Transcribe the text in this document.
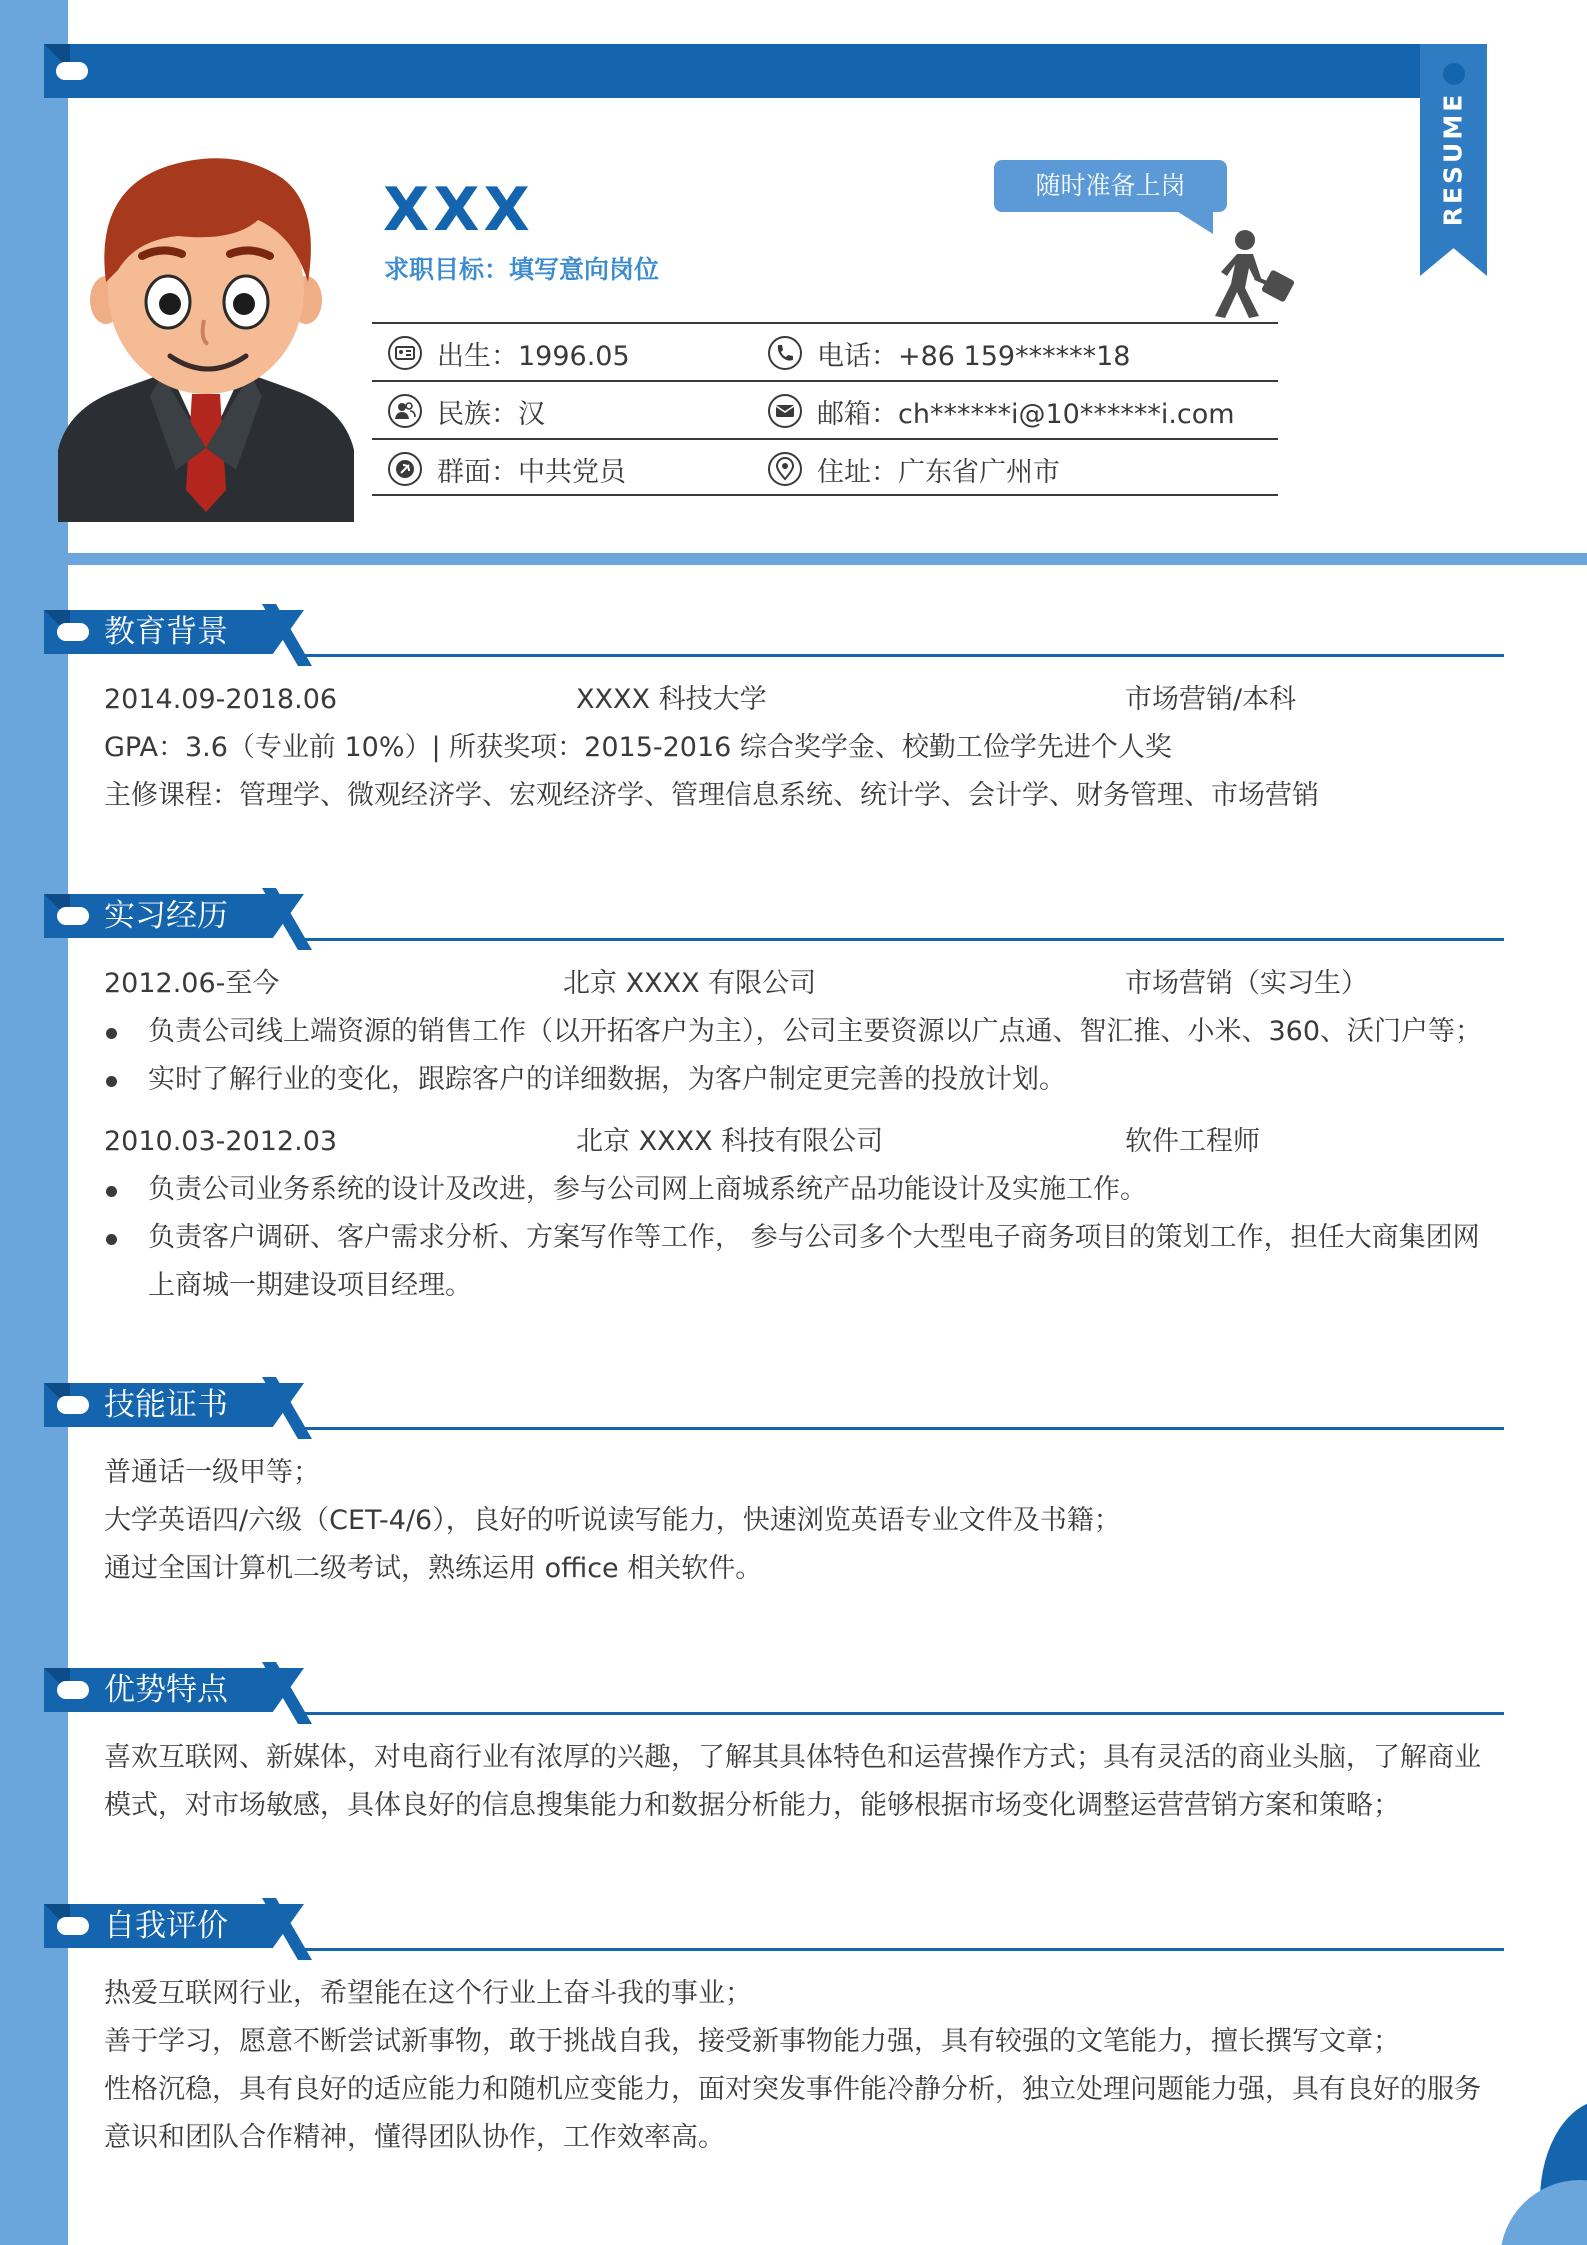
RESUME
XXX
求职目标：填写意向岗位
随时准备上岗
出生：1996.05	电话：+86 159******18
民族：汉	邮箱：ch******i@10******i.com
群面：中共党员	住址：广东省广州市
教育背景
2014.09-2018.06	XXXX 科技大学	市场营销/本科
GPA：3.6（专业前 10%）| 所获奖项：2015-2016 综合奖学金、校勤工俭学先进个人奖
主修课程：管理学、微观经济学、宏观经济学、管理信息系统、统计学、会计学、财务管理、市场营销
实习经历
2012.06-至今	北京 XXXX 有限公司	市场营销（实习生）
负责公司线上端资源的销售工作（以开拓客户为主），公司主要资源以广点通、智汇推、小米、360、沃门户等；
实时了解行业的变化，跟踪客户的详细数据，为客户制定更完善的投放计划。
2010.03-2012.03	北京 XXXX 科技有限公司	软件工程师
负责公司业务系统的设计及改进，参与公司网上商城系统产品功能设计及实施工作。
负责客户调研、客户需求分析、方案写作等工作， 参与公司多个大型电子商务项目的策划工作，担任大商集团网上商城一期建设项目经理。
技能证书
普通话一级甲等；
大学英语四/六级（CET-4/6），良好的听说读写能力，快速浏览英语专业文件及书籍；
通过全国计算机二级考试，熟练运用 office 相关软件。
优势特点
喜欢互联网、新媒体，对电商行业有浓厚的兴趣，了解其具体特色和运营操作方式；具有灵活的商业头脑，了解商业模式，对市场敏感，具体良好的信息搜集能力和数据分析能力，能够根据市场变化调整运营营销方案和策略；
自我评价
热爱互联网行业，希望能在这个行业上奋斗我的事业；
善于学习，愿意不断尝试新事物，敢于挑战自我，接受新事物能力强，具有较强的文笔能力，擅长撰写文章；
性格沉稳，具有良好的适应能力和随机应变能力，面对突发事件能冷静分析，独立处理问题能力强，具有良好的服务意识和团队合作精神，懂得团队协作，工作效率高。
